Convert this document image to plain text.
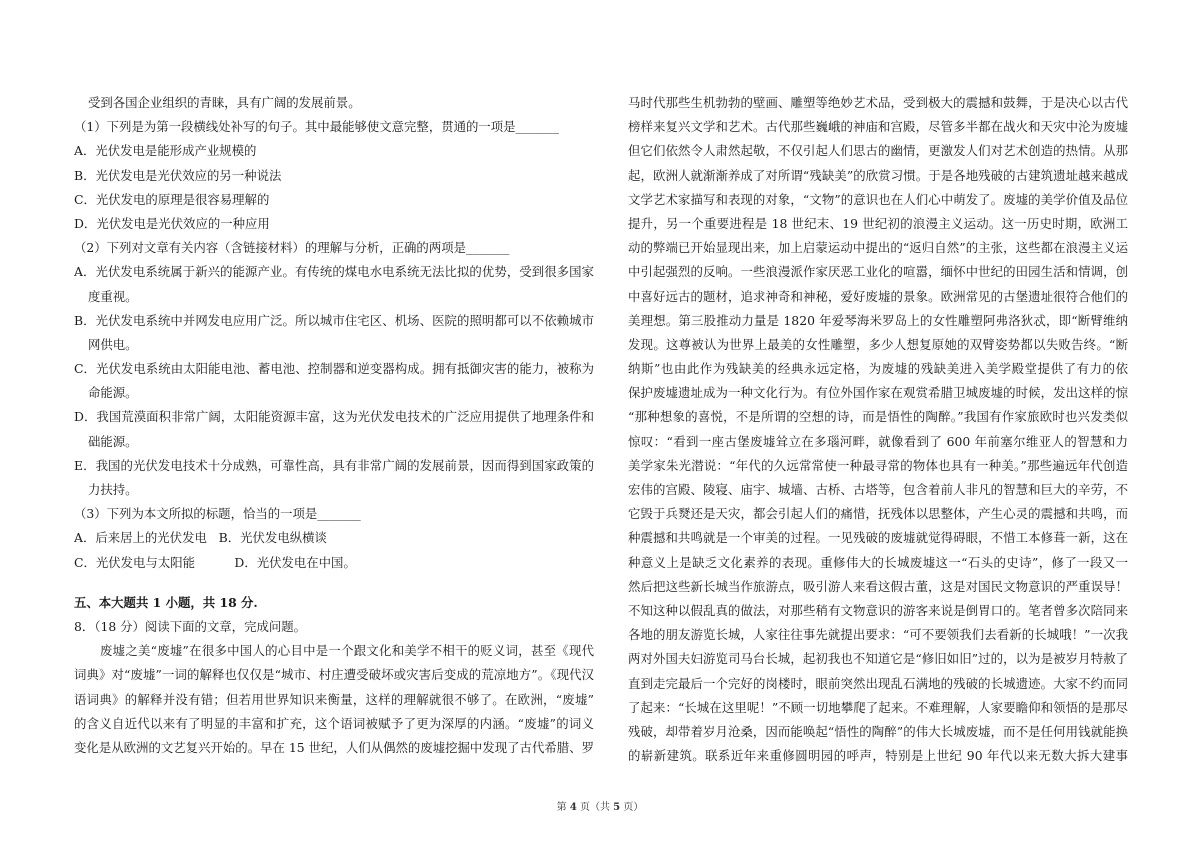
受到各国企业组织的青睐，具有广阔的发展前景。
（1）下列是为第一段横线处补写的句子。其中最能够使文意完整，贯通的一项是_______
A．光伏发电是能形成产业规模的
B．光伏发电是光伏效应的另一种说法
C．光伏发电的原理是很容易理解的
D．光伏发电是光伏效应的一种应用
（2）下列对文章有关内容（含链接材料）的理解与分析，正确的两项是_______
A．光伏发电系统属于新兴的能源产业。有传统的煤电水电系统无法比拟的优势，受到很多国家
度重视。
B．光伏发电系统中并网发电应用广泛。所以城市住宅区、机场、医院的照明都可以不依赖城市
网供电。
C．光伏发电系统由太阳能电池、蓄电池、控制器和逆变器构成。拥有抵御灾害的能力，被称为
命能源。
D．我国荒漠面积非常广阔，太阳能资源丰富，这为光伏发电技术的广泛应用提供了地理条件和
础能源。
E．我国的光伏发电技术十分成熟，可靠性高，具有非常广阔的发展前景，因而得到国家政策的
力扶持。
（3）下列为本文所拟的标题，恰当的一项是_______
A．后来居上的光伏发电   B．光伏发电纵横谈
C．光伏发电与太阳能          D．光伏发电在中国。
五、本大题共 1 小题，共 18 分.
8．（18 分）阅读下面的文章，完成问题。
废墟之美“废墟”在很多中国人的心目中是一个跟文化和美学不相干的贬义词，甚至《现代
词典》对“废墟”一词的解释也仅仅是“城市、村庄遭受破坏或灾害后变成的荒凉地方”。《现代汉
语词典》的解释并没有错；但若用世界知识来衡量，这样的理解就很不够了。在欧洲，“废墟”
的含义自近代以来有了明显的丰富和扩充，这个语词被赋予了更为深厚的内涵。“废墟”的词义
变化是从欧洲的文艺复兴开始的。早在 15 世纪，人们从偶然的废墟挖掘中发现了古代希腊、罗
马时代那些生机勃勃的壁画、雕塑等绝妙艺术品，受到极大的震撼和鼓舞，于是决心以古代
榜样来复兴文学和艺术。古代那些巍峨的神庙和宫殿，尽管多半都在战火和天灾中沦为废墟
但它们依然令人肃然起敬，不仅引起人们思古的幽情，更激发人们对艺术创造的热情。从那
起，欧洲人就渐渐养成了对所谓“残缺美”的欣赏习惯。于是各地残破的古建筑遗址越来越成
文学艺术家描写和表现的对象，“文物”的意识也在人们心中萌发了。废墟的美学价值及品位
提升，另一个重要进程是 18 世纪末、19 世纪初的浪漫主义运动。这一历史时期，欧洲工
动的弊端已开始显现出来，加上启蒙运动中提出的“返归自然”的主张，这些都在浪漫主义运
中引起强烈的反响。一些浪漫派作家厌恶工业化的喧嚣，缅怀中世纪的田园生活和情调，创
中喜好远古的题材，追求神奇和神秘，爱好废墟的景象。欧洲常见的古堡遗址很符合他们的
美理想。第三股推动力量是 1820 年爱琴海米罗岛上的女性雕塑阿弗洛狄忒，即“断臂维纳
发现。这尊被认为世界上最美的女性雕塑，多少人想复原她的双臂姿势都以失败告终。“断
纳斯”也由此作为残缺美的经典永远定格，为废墟的残缺美进入美学殿堂提供了有力的依
保护废墟遗址成为一种文化行为。有位外国作家在观赏希腊卫城废墟的时候，发出这样的惊
“那种想象的喜悦，不是所谓的空想的诗，而是悟性的陶醉。”我国有作家旅欧时也兴发类似
惊叹：“看到一座古堡废墟耸立在多瑙河畔，就像看到了 600 年前塞尔维亚人的智慧和力
美学家朱光潜说：“年代的久远常常使一种最寻常的物体也具有一种美。”那些遍远年代创造
宏伟的宫殿、陵寝、庙宇、城墙、古桥、古塔等，包含着前人非凡的智慧和巨大的辛劳，不
它毁于兵燹还是天灾，都会引起人们的痛惜，抚残体以思整体，产生心灵的震撼和共鸣，而
种震撼和共鸣就是一个审美的过程。一见残破的废墟就觉得碍眼，不惜工本修葺一新，这在
种意义上是缺乏文化素养的表现。重修伟大的长城废墟这一“石头的史诗”，修了一段又一
然后把这些新长城当作旅游点，吸引游人来看这假古董，这是对国民文物意识的严重误导！
不知这种以假乱真的做法，对那些稍有文物意识的游客来说是倒胃口的。笔者曾多次陪同来
各地的朋友游览长城，人家往往事先就提出要求：“可不要领我们去看新的长城哦！”一次我
两对外国夫妇游览司马台长城，起初我也不知道它是“修旧如旧”过的，以为是被岁月特赦了
直到走完最后一个完好的岗楼时，眼前突然出现乱石满地的残破的长城遗迹。大家不约而同
了起来：“长城在这里呢！”不顾一切地攀爬了起来。不难理解，人家要瞻仰和领悟的是那尽
残破，却带着岁月沧桑，因而能唤起“悟性的陶醉”的伟大长城废墟，而不是任何用钱就能换
的崭新建筑。联系近年来重修圆明园的呼声，特别是上世纪 90 年代以来无数大拆大建事
第 4 页（共 5 页）
